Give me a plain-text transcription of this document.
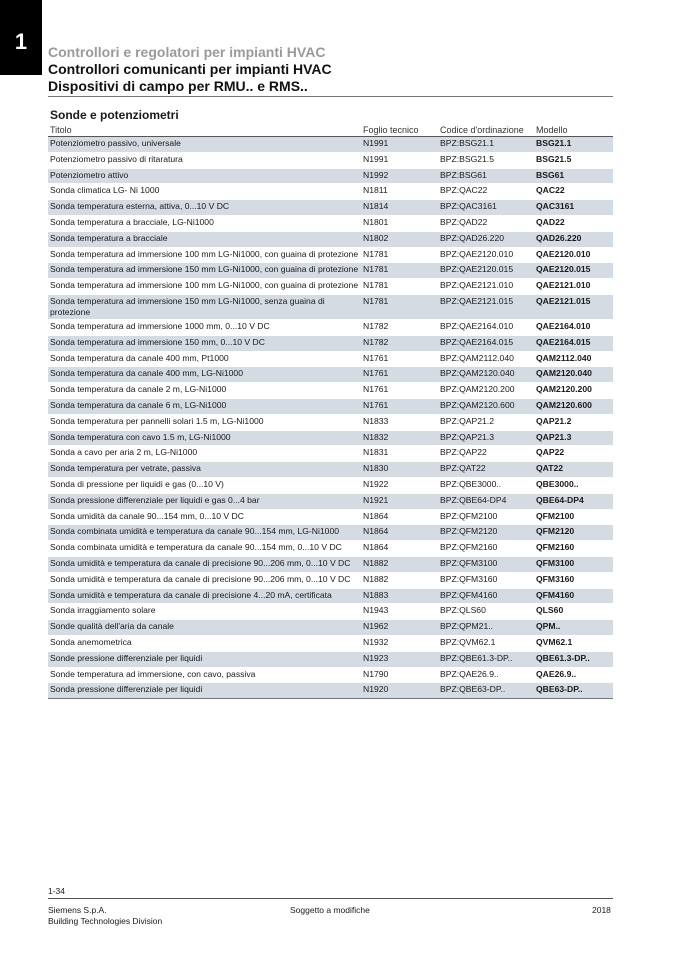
1 Controllori e regolatori per impianti HVAC
Controllori comunicanti per impianti HVAC
Dispositivi di campo per RMU.. e RMS..
Sonde e potenziometri
Titolo	Foglio tecnico	Codice d'ordinazione	Modello
Potenziometro passivo, universale	N1991	BPZ:BSG21.1	BSG21.1
Potenziometro passivo di ritaratura	N1991	BPZ:BSG21.5	BSG21.5
Potenziometro attivo	N1992	BPZ:BSG61	BSG61
Sonda climatica LG- Ni 1000	N1811	BPZ:QAC22	QAC22
Sonda temperatura esterna, attiva, 0...10 V DC	N1814	BPZ:QAC3161	QAC3161
Sonda temperatura a bracciale, LG-Ni1000	N1801	BPZ:QAD22	QAD22
Sonda temperatura a bracciale	N1802	BPZ:QAD26.220	QAD26.220
Sonda temperatura ad immersione 100 mm LG-Ni1000, con guaina di protezione	N1781	BPZ:QAE2120.010	QAE2120.010
Sonda temperatura ad immersione 150 mm LG-Ni1000, con guaina di protezione	N1781	BPZ:QAE2120.015	QAE2120.015
Sonda temperatura ad immersione 100 mm LG-Ni1000, con guaina di protezione	N1781	BPZ:QAE2121.010	QAE2121.010
Sonda temperatura ad immersione 150 mm LG-Ni1000, senza guaina di protezione	N1781	BPZ:QAE2121.015	QAE2121.015
Sonda temperatura ad immersione 1000 mm, 0...10 V DC	N1782	BPZ:QAE2164.010	QAE2164.010
Sonda temperatura ad immersione 150 mm, 0...10 V DC	N1782	BPZ:QAE2164.015	QAE2164.015
Sonda temperatura da canale 400 mm, Pt1000	N1761	BPZ:QAM2112.040	QAM2112.040
Sonda temperatura da canale 400 mm, LG-Ni1000	N1761	BPZ:QAM2120.040	QAM2120.040
Sonda temperatura da canale 2 m, LG-Ni1000	N1761	BPZ:QAM2120.200	QAM2120.200
Sonda temperatura da canale 6 m, LG-Ni1000	N1761	BPZ:QAM2120.600	QAM2120.600
Sonda temperatura per pannelli solari 1.5 m, LG-Ni1000	N1833	BPZ:QAP21.2	QAP21.2
Sonda temperatura con cavo 1.5 m, LG-Ni1000	N1832	BPZ:QAP21.3	QAP21.3
Sonda a cavo per aria 2 m, LG-Ni1000	N1831	BPZ:QAP22	QAP22
Sonda temperatura per vetrate, passiva	N1830	BPZ:QAT22	QAT22
Sonda di pressione per liquidi e gas (0...10 V)	N1922	BPZ:QBE3000..	QBE3000..
Sonda pressione differenziale per liquidi e gas 0...4 bar	N1921	BPZ:QBE64-DP4	QBE64-DP4
Sonda umidità da canale 90...154 mm, 0...10 V DC	N1864	BPZ:QFM2100	QFM2100
Sonda combinata umidità e temperatura da canale 90...154 mm, LG-Ni1000	N1864	BPZ:QFM2120	QFM2120
Sonda combinata umidità e temperatura da canale 90...154 mm, 0...10 V DC	N1864	BPZ:QFM2160	QFM2160
Sonda umidità e temperatura da canale di precisione 90...206 mm, 0...10 V DC	N1882	BPZ:QFM3100	QFM3100
Sonda umidità e temperatura da canale di precisione 90...206 mm, 0...10 V DC	N1882	BPZ:QFM3160	QFM3160
Sonda umidità e temperatura da canale di precisione 4...20 mA, certificata	N1883	BPZ:QFM4160	QFM4160
Sonda irraggiamento solare	N1943	BPZ:QLS60	QLS60
Sonde qualità dell'aria da canale	N1962	BPZ:QPM21..	QPM..
Sonda anemometrica	N1932	BPZ:QVM62.1	QVM62.1
Sonde pressione differenziale per liquidi	N1923	BPZ:QBE61.3-DP..	QBE61.3-DP..
Sonde temperatura ad immersione, con cavo, passiva	N1790	BPZ:QAE26.9..	QAE26.9..
Sonda pressione differenziale per liquidi	N1920	BPZ:QBE63-DP..	QBE63-DP..
1-34
Siemens S.p.A.
Building Technologies Division
Soggetto a modifiche	2018
